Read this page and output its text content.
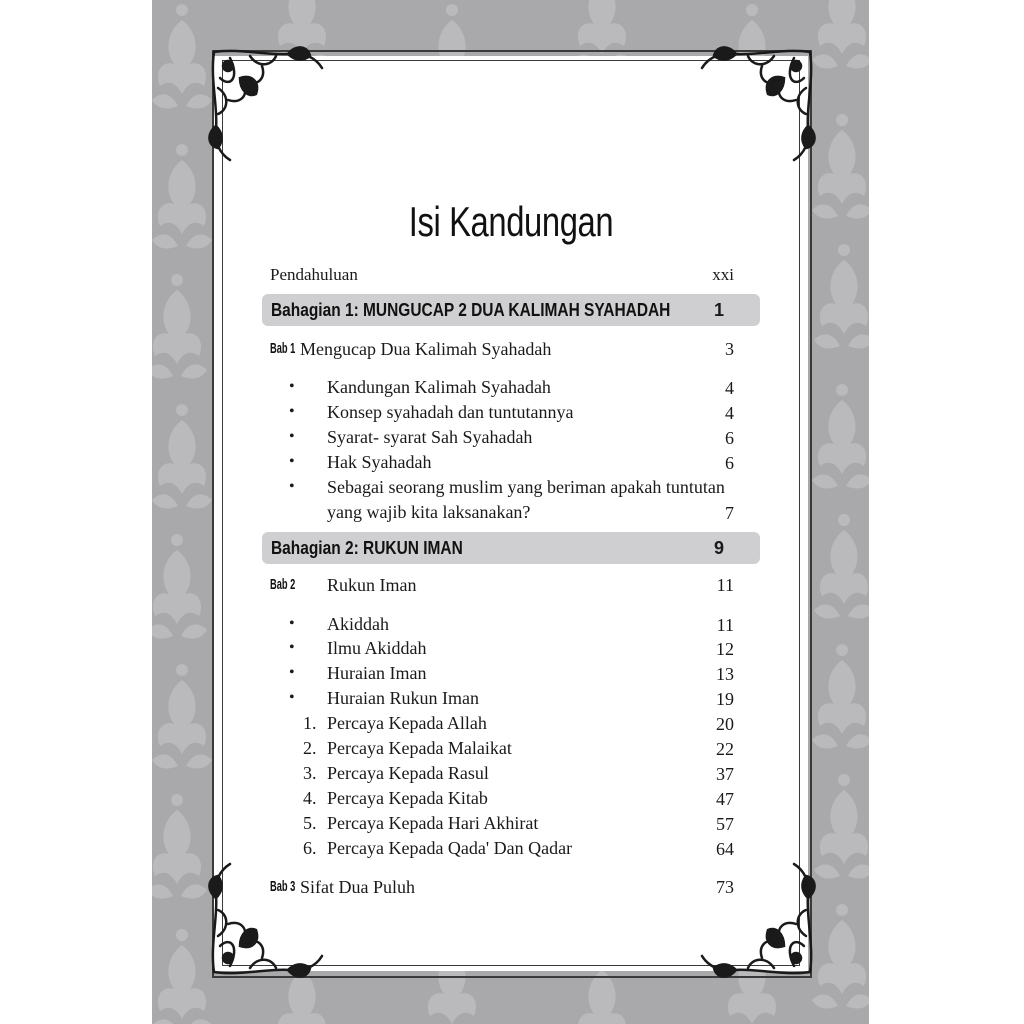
Isi Kandungan
Pendahuluan	xxi
Bahagian 1: MUNGUCAP 2 DUA KALIMAH SYAHADAH 1
Bab 1 Mengucap Dua Kalimah Syahadah	3
• Kandungan Kalimah Syahadah	4
• Konsep syahadah dan tuntutannya	4
• Syarat- syarat Sah Syahadah	6
• Hak Syahadah	6
• Sebagai seorang muslim yang beriman apakah tuntutan
yang wajib kita laksanakan?	7
Bahagian 2: RUKUN IMAN	9
Bab 2 Rukun Iman	11
• Akiddah	11
• Ilmu Akiddah	12
• Huraian Iman	13
• Huraian Rukun Iman	19
1. Percaya Kepada Allah	20
2. Percaya Kepada Malaikat	22
3. Percaya Kepada Rasul	37
4. Percaya Kepada Kitab	47
5. Percaya Kepada Hari Akhirat	57
6. Percaya Kepada Qada' Dan Qadar	64
Bab 3 Sifat Dua Puluh	73
